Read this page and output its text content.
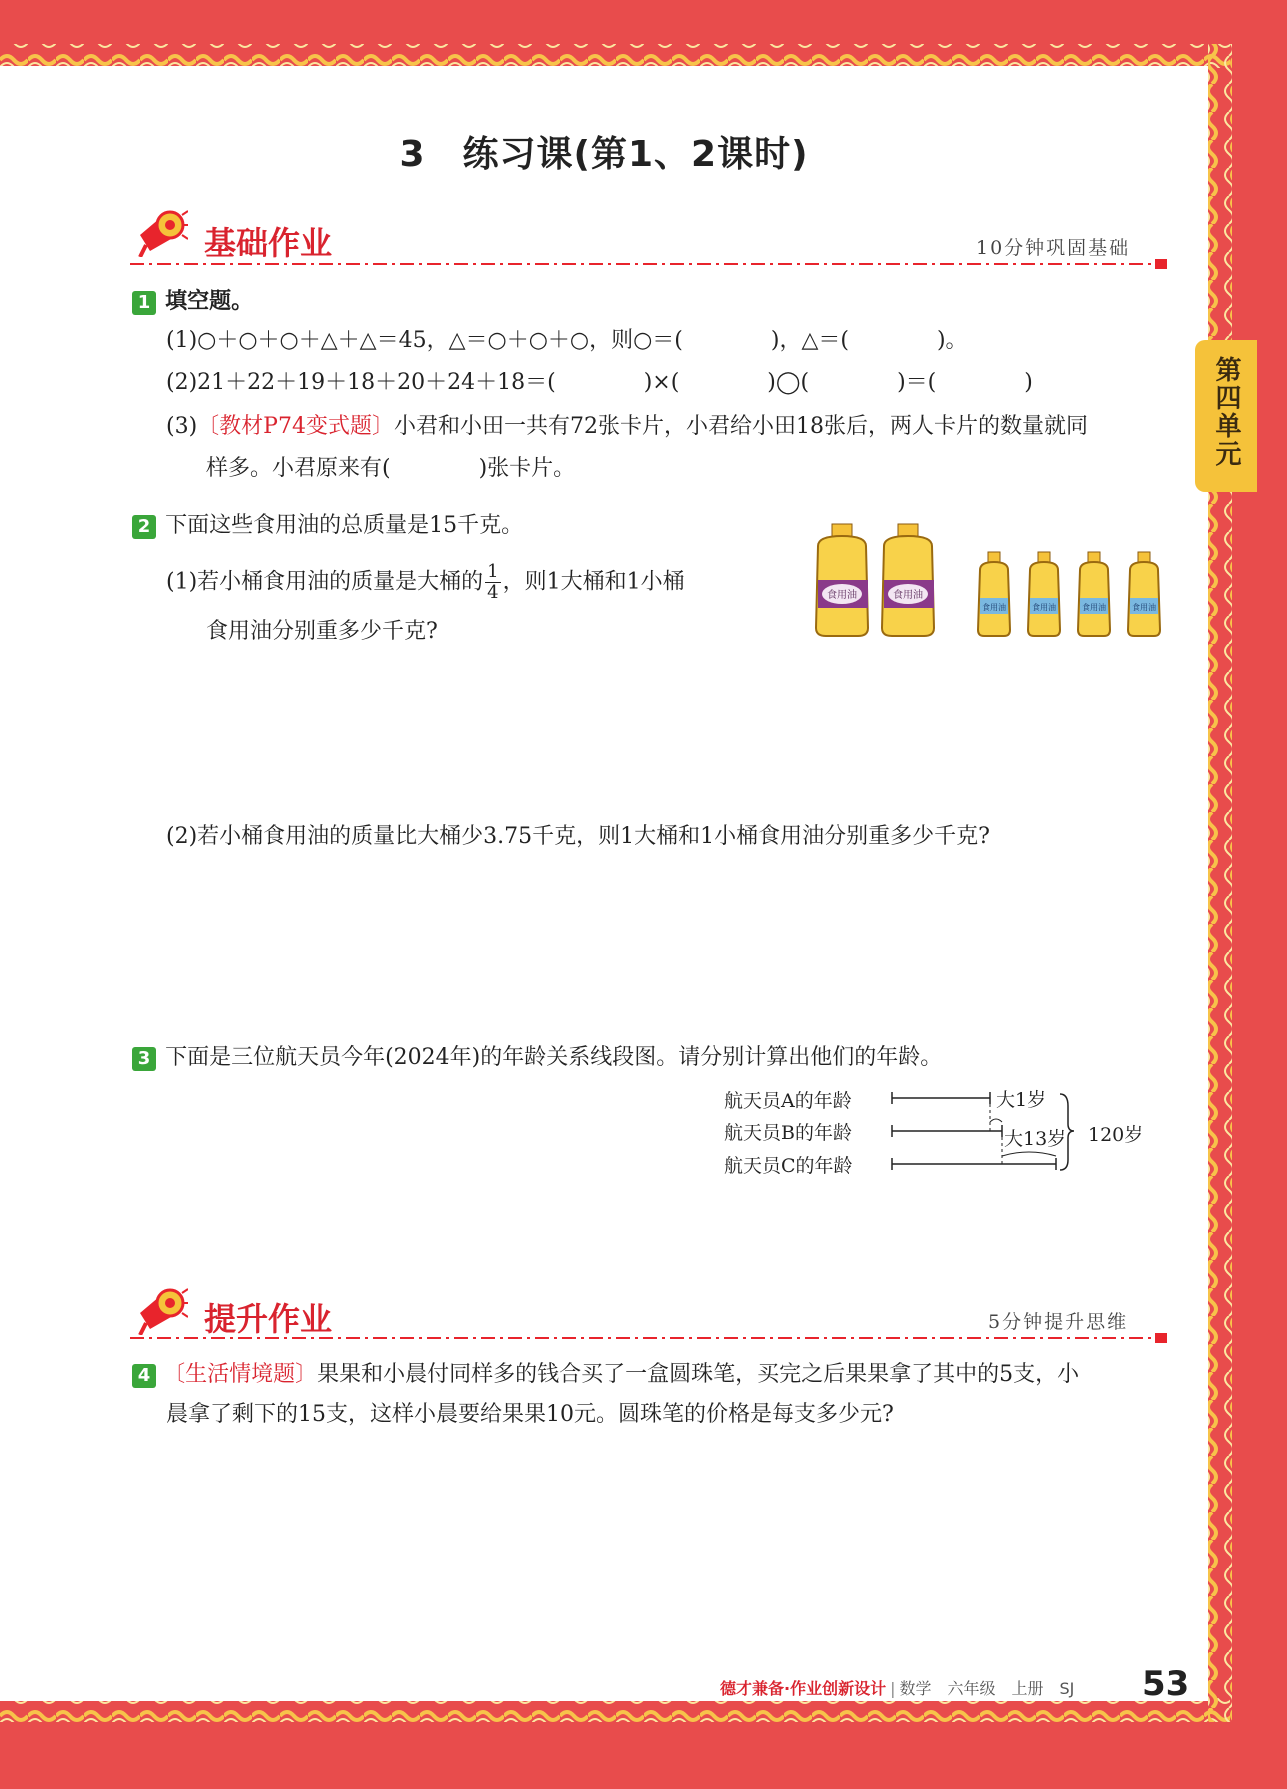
3　练习课(第1、2课时)
第四单元
基础作业	10分钟巩固基础
1 填空题。
(1)○＋○＋○＋△＋△＝45，△＝○＋○＋○，则○＝(　　　　)，△＝(　　　　)。
(2)21＋22＋19＋18＋20＋24＋18＝(　　　　)×(　　　　)◯(　　　　)＝(　　　　)
(3)〔教材P74变式题〕小君和小田一共有72张卡片，小君给小田18张后，两人卡片的数量就同
样多。小君原来有(　　　　)张卡片。
2 下面这些食用油的总质量是15千克。
(1)若小桶食用油的质量是大桶的 $\frac{1}{4}$ ，则1大桶和1小桶
食用油分别重多少千克?
食用油	食用油
食用油	食用油	食用油	食用油
(2)若小桶食用油的质量比大桶少3.75千克，则1大桶和1小桶食用油分别重多少千克?
3 下面是三位航天员今年(2024年)的年龄关系线段图。请分别计算出他们的年龄。
航天员A的年龄
航天员B的年龄
航天员C的年龄
大1岁
大13岁 120岁
提升作业	5分钟提升思维
4 〔生活情境题〕果果和小晨付同样多的钱合买了一盒圆珠笔，买完之后果果拿了其中的5支，小
晨拿了剩下的15支，这样小晨要给果果10元。圆珠笔的价格是每支多少元?
德才兼备·作业创新设计 | 数学　六年级　上册　SJ 53
